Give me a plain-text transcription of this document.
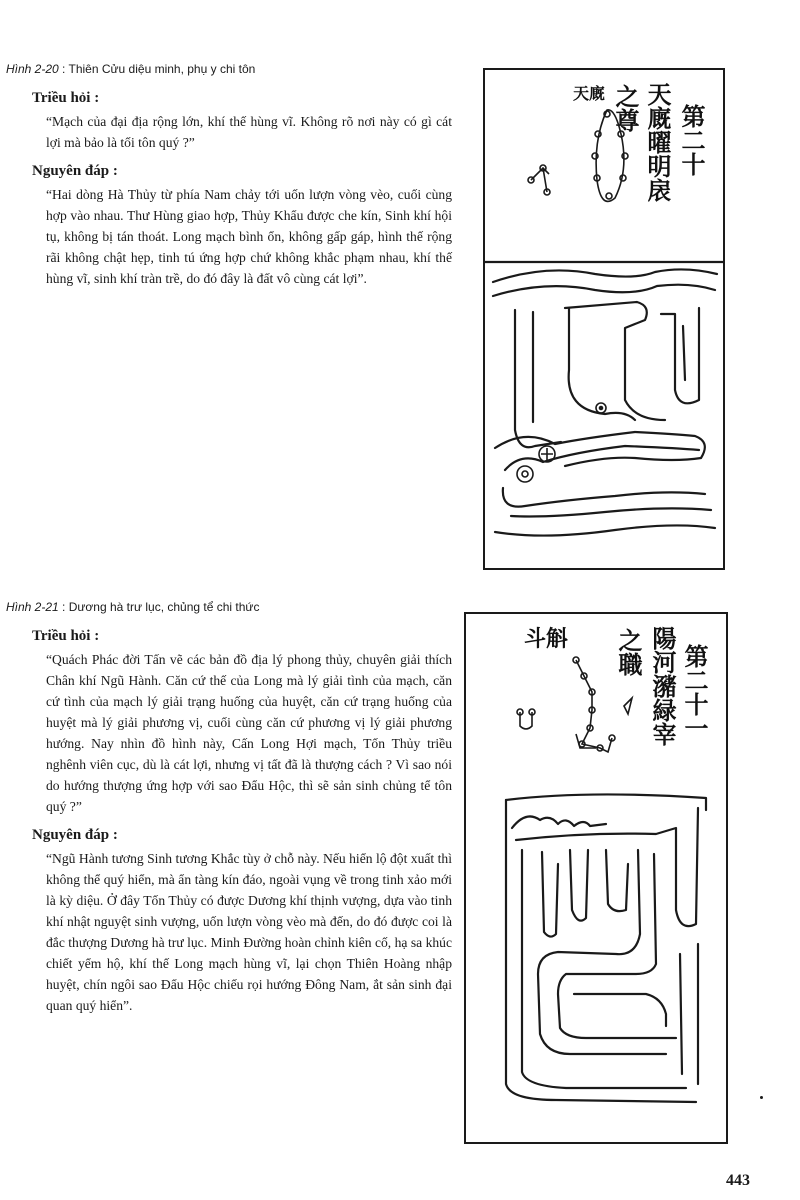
Hình 2-20 : Thiên Cửu diệu minh, phụ y chi tôn
Triều hỏi :
“Mạch của đại địa rộng lớn, khí thế hùng vĩ. Không rõ nơi này có gì cát lợi mà bảo là tối tôn quý ?”
Nguyên đáp :
“Hai dòng Hà Thủy từ phía Nam chảy tới uốn lượn vòng vèo, cuối cùng hợp vào nhau. Thư Hùng giao hợp, Thủy Khẩu được che kín, Sinh khí hội tụ, không bị tán thoát. Long mạch bình ổn, không gấp gáp, hình thế rộng rãi không chật hẹp, tinh tú ứng hợp chứ không khắc phạm nhau, khí thế hùng vĩ, sinh khí tràn trề, do đó đây là đất vô cùng cát lợi”.
第二十
天廐曜明扆
之尊
天廐
Hình 2-21 : Dương hà trư lục, chủng tể chi thức
Triều hỏi :
“Quách Phác đời Tấn vẽ các bản đồ địa lý phong thủy, chuyên giải thích Chân khí Ngũ Hành. Căn cứ thế của Long mà lý giải tình của mạch, căn cứ tình của mạch lý giải trạng huống của huyệt, căn cứ trạng huống của huyệt mà lý giải phương vị, cuối cùng căn cứ phương vị lý giải phương hướng. Nay nhìn đồ hình này, Cấn Long Hợi mạch, Tốn Thủy triều nghênh viên cục, dù là cát lợi, nhưng vị tất đã là thượng cách ? Vì sao nói do hướng thượng ứng hợp với sao Đẩu Hộc, thì sẽ sản sinh chủng tể tôn quý ?”
Nguyên đáp :
“Ngũ Hành tương Sinh tương Khắc tùy ở chỗ này. Nếu hiển lộ đột xuất thì không thể quý hiển, mà ẩn tàng kín đáo, ngoài vụng về trong tinh xảo mới là kỳ diệu. Ở đây Tốn Thủy có được Dương khí thịnh vượng, dựa vào tinh khí nhật nguyệt sinh vượng, uốn lượn vòng vèo mà đến, do đó được coi là đắc thượng Dương hà trư lục. Minh Đường hoàn chỉnh kiên cố, hạ sa khúc chiết yểm hộ, khí thế Long mạch hùng vĩ, lại chọn Thiên Hoàng nhập huyệt, chín ngôi sao Đẩu Hộc chiếu rọi hướng Đông Nam, ắt sản sinh đại quan quý hiển”.
第二十一
陽河瀦緑宰
之職
斗斛
443
